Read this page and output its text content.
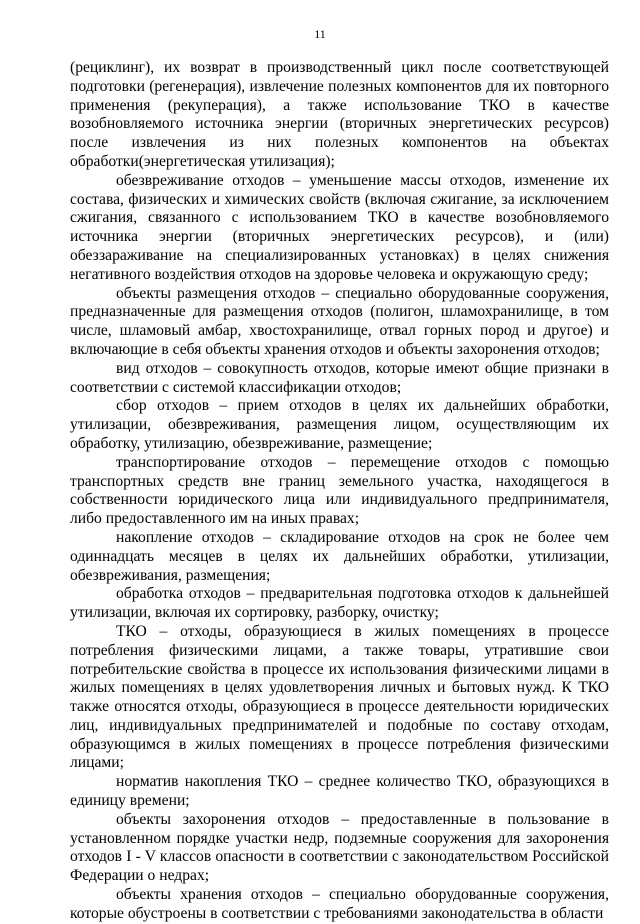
11

(рециклинг), их возврат в производственный цикл после соответствующей подготовки (регенерация), извлечение полезных компонентов для их повторного применения (рекуперация), а также использование ТКО в качестве возобновляемого источника энергии (вторичных энергетических ресурсов) после извлечения из них полезных компонентов на объектах обработки(энергетическая утилизация);

обезвреживание отходов – уменьшение массы отходов, изменение их состава, физических и химических свойств (включая сжигание, за исключением сжигания, связанного с использованием ТКО в качестве возобновляемого источника энергии (вторичных энергетических ресурсов), и (или) обеззараживание на специализированных установках) в целях снижения негативного воздействия отходов на здоровье человека и окружающую среду;

объекты размещения отходов – специально оборудованные сооружения, предназначенные для размещения отходов (полигон, шламохранилище, в том числе, шламовый амбар, хвостохранилище, отвал горных пород и другое) и включающие в себя объекты хранения отходов и объекты захоронения отходов;

вид отходов – совокупность отходов, которые имеют общие признаки в соответствии с системой классификации отходов;

сбор отходов – прием отходов в целях их дальнейших обработки, утилизации, обезвреживания, размещения лицом, осуществляющим их обработку, утилизацию, обезвреживание, размещение;

транспортирование отходов – перемещение отходов с помощью транспортных средств вне границ земельного участка, находящегося в собственности юридического лица или индивидуального предпринимателя, либо предоставленного им на иных правах;

накопление отходов – складирование отходов на срок не более чем одиннадцать месяцев в целях их дальнейших обработки, утилизации, обезвреживания, размещения;

обработка отходов – предварительная подготовка отходов к дальнейшей утилизации, включая их сортировку, разборку, очистку;

ТКО – отходы, образующиеся в жилых помещениях в процессе потребления физическими лицами, а также товары, утратившие свои потребительские свойства в процессе их использования физическими лицами в жилых помещениях в целях удовлетворения личных и бытовых нужд. К ТКО также относятся отходы, образующиеся в процессе деятельности юридических лиц, индивидуальных предпринимателей и подобные по составу отходам, образующимся в жилых помещениях в процессе потребления физическими лицами;

норматив накопления ТКО – среднее количество ТКО, образующихся в единицу времени;

объекты захоронения отходов – предоставленные в пользование в установленном порядке участки недр, подземные сооружения для захоронения отходов I - V классов опасности в соответствии с законодательством Российской Федерации о недрах;

объекты хранения отходов – специально оборудованные сооружения, которые обустроены в соответствии с требованиями законодательства в области
